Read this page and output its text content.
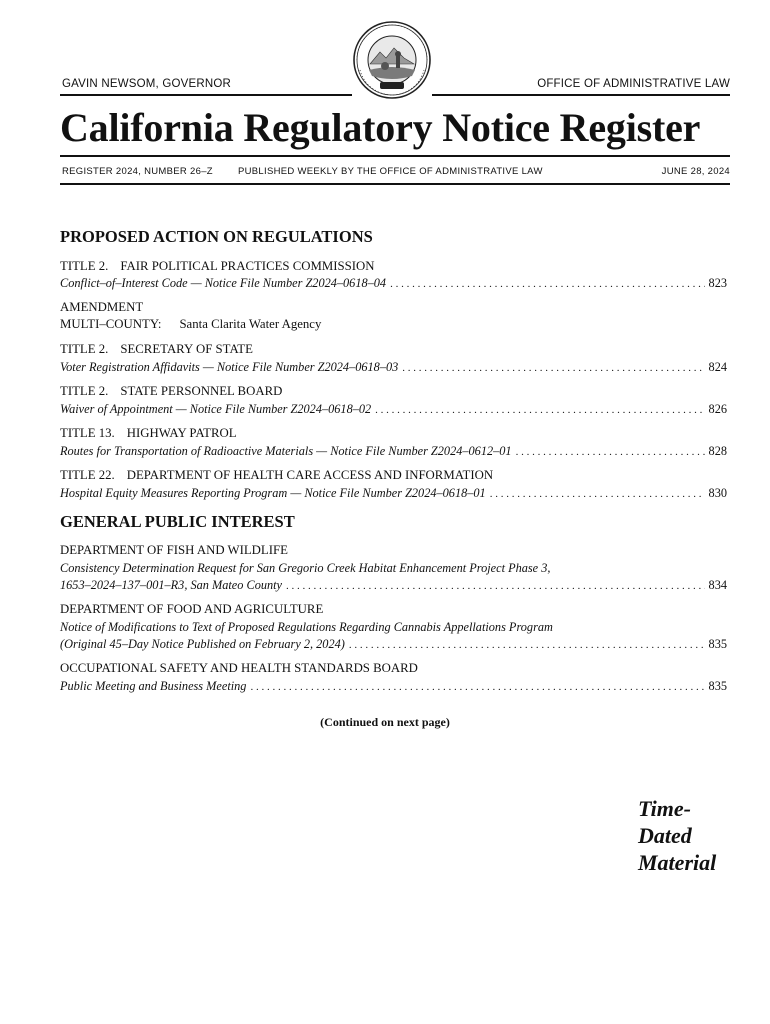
GAVIN NEWSOM, GOVERNOR	OFFICE OF ADMINISTRATIVE LAW
California Regulatory Notice Register
REGISTER 2024, NUMBER 26–Z	PUBLISHED WEEKLY BY THE OFFICE OF ADMINISTRATIVE LAW	JUNE 28, 2024
PROPOSED ACTION ON REGULATIONS
TITLE 2. FAIR POLITICAL PRACTICES COMMISSION
Conflict–of–Interest Code — Notice File Number Z2024–0618–04 . . .	823
AMENDMENT
MULTI–COUNTY: Santa Clarita Water Agency
TITLE 2. SECRETARY OF STATE
Voter Registration Affidavits — Notice File Number Z2024–0618–03 . . .	824
TITLE 2. STATE PERSONNEL BOARD
Waiver of Appointment — Notice File Number Z2024–0618–02 . . .	826
TITLE 13. HIGHWAY PATROL
Routes for Transportation of Radioactive Materials — Notice File Number Z2024–0612–01 . . .	828
TITLE 22. DEPARTMENT OF HEALTH CARE ACCESS AND INFORMATION
Hospital Equity Measures Reporting Program — Notice File Number Z2024–0618–01 . . .	830
GENERAL PUBLIC INTEREST
DEPARTMENT OF FISH AND WILDLIFE
Consistency Determination Request for San Gregorio Creek Habitat Enhancement Project Phase 3,
1653–2024–137–001–R3, San Mateo County . . .	834
DEPARTMENT OF FOOD AND AGRICULTURE
Notice of Modifications to Text of Proposed Regulations Regarding Cannabis Appellations Program
(Original 45–Day Notice Published on February 2, 2024) . . .	835
OCCUPATIONAL SAFETY AND HEALTH STANDARDS BOARD
Public Meeting and Business Meeting . . .	835
(Continued on next page)
Time-
Dated
Material
